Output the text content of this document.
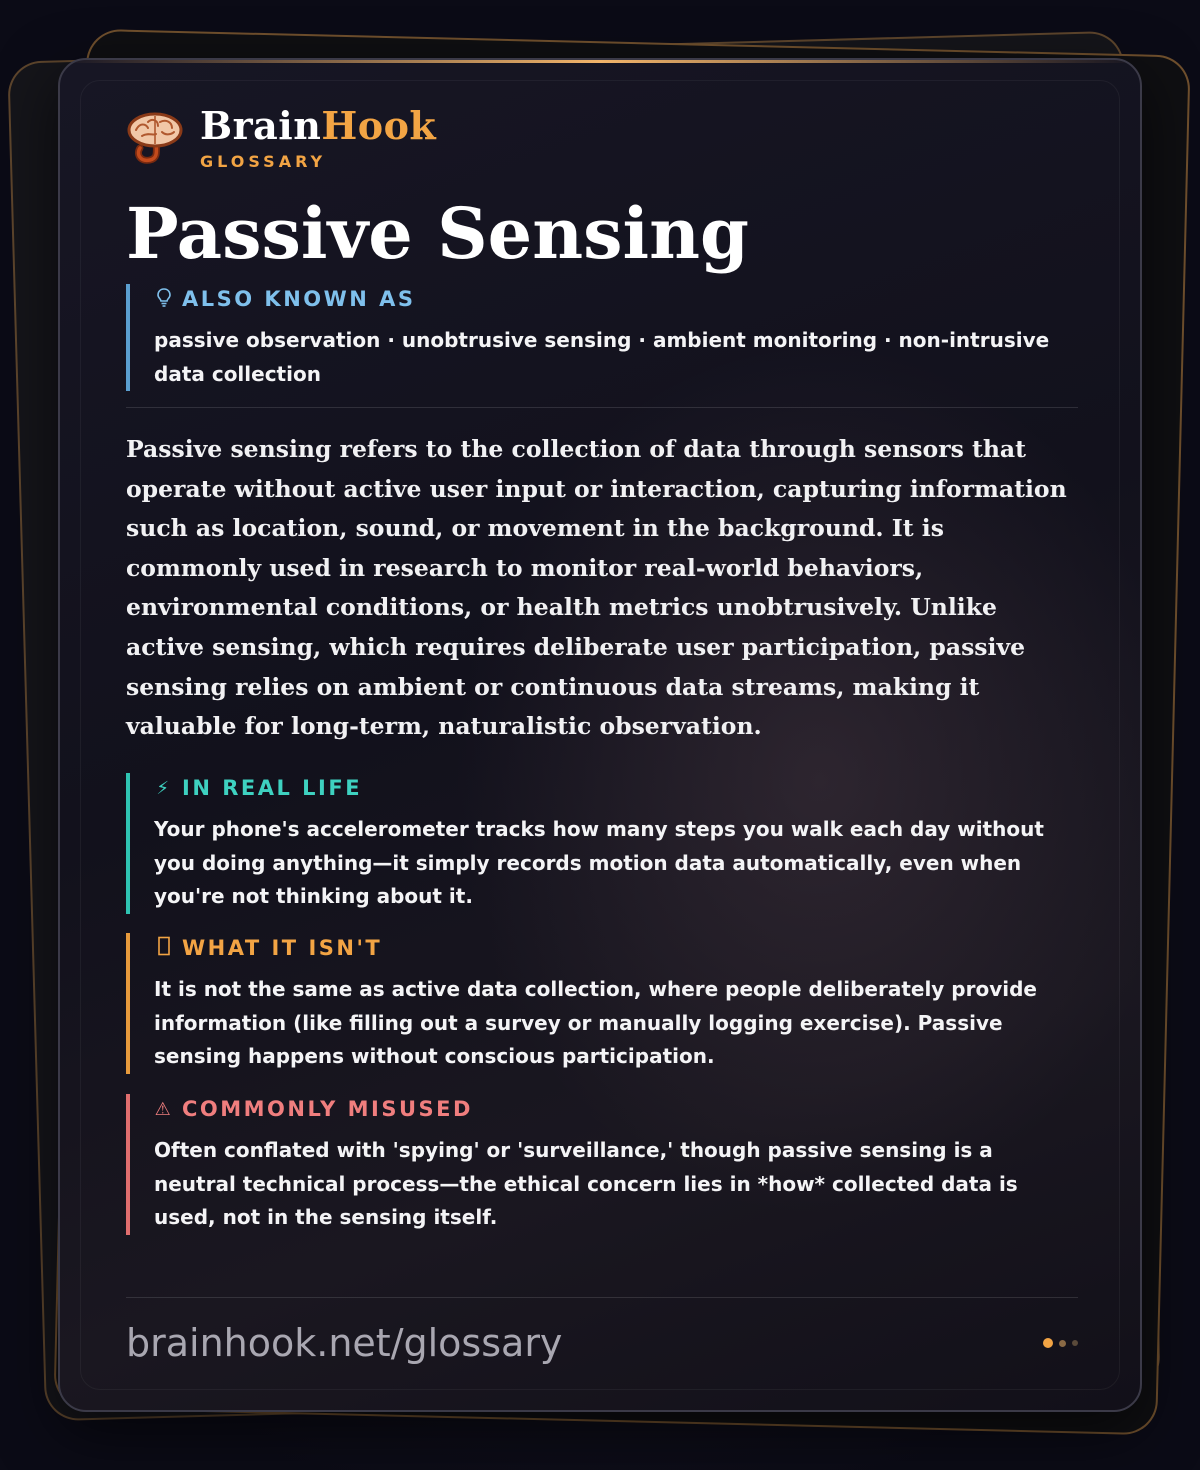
BrainHook
GLOSSARY
Passive Sensing
ALSO KNOWN AS
passive observation · unobtrusive sensing · ambient monitoring · non-intrusive data collection

Passive sensing refers to the collection of data through sensors that operate without active user input or interaction, capturing information such as location, sound, or movement in the background. It is commonly used in research to monitor real-world behaviors, environmental conditions, or health metrics unobtrusively. Unlike active sensing, which requires deliberate user participation, passive sensing relies on ambient or continuous data streams, making it valuable for long-term, naturalistic observation.

⚡ IN REAL LIFE
Your phone's accelerometer tracks how many steps you walk each day without you doing anything—it simply records motion data automatically, even when you're not thinking about it.
WHAT IT ISN'T
It is not the same as active data collection, where people deliberately provide information (like filling out a survey or manually logging exercise). Passive sensing happens without conscious participation.
⚠ COMMONLY MISUSED
Often conflated with 'spying' or 'surveillance,' though passive sensing is a neutral technical process—the ethical concern lies in *how* collected data is used, not in the sensing itself.
brainhook.net/glossary
